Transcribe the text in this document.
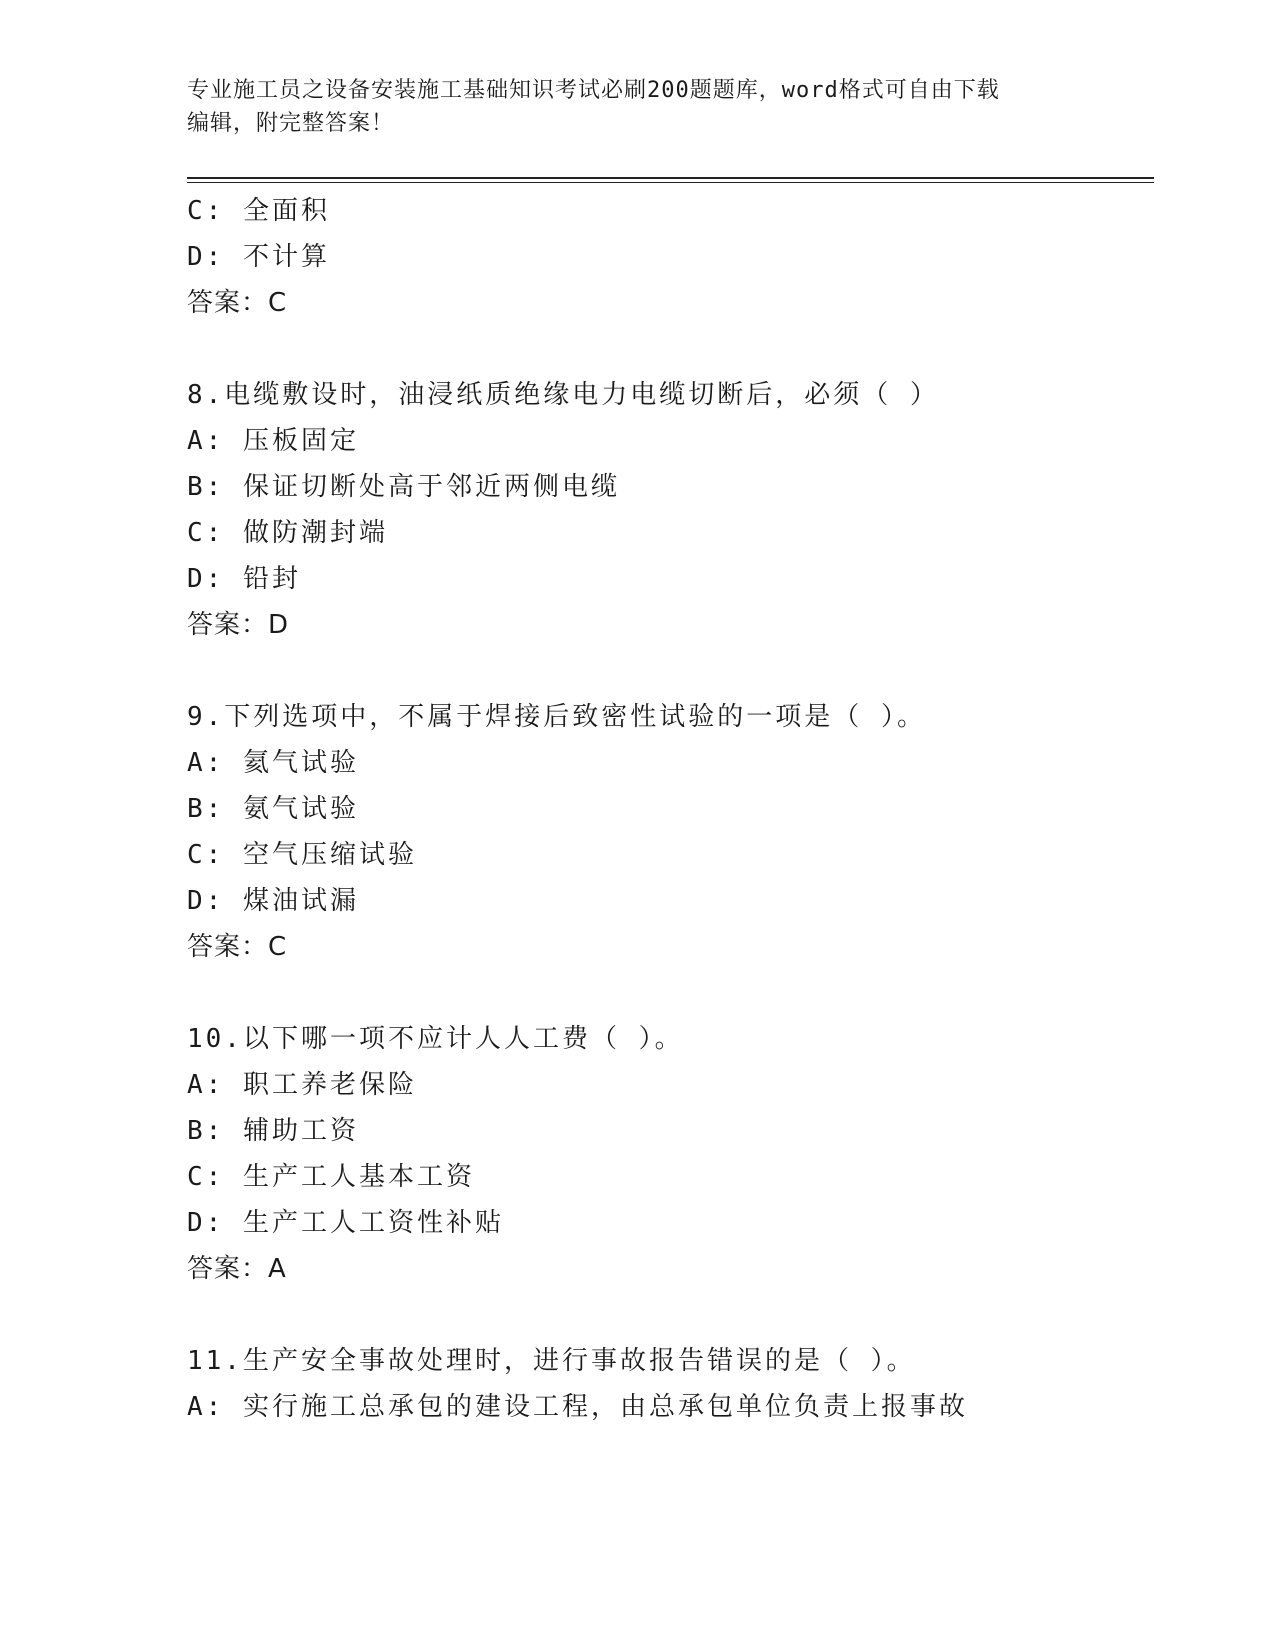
专业施工员之设备安装施工基础知识考试必刷200题题库，word格式可自由下载
编辑，附完整答案！
C: 全面积
D: 不计算
答案：C
8.电缆敷设时，油浸纸质绝缘电力电缆切断后，必须（ ）
A: 压板固定
B: 保证切断处高于邻近两侧电缆
C: 做防潮封端
D: 铅封
答案：D
9.下列选项中，不属于焊接后致密性试验的一项是（ ）。
A: 氦气试验
B: 氨气试验
C: 空气压缩试验
D: 煤油试漏
答案：C
10.以下哪一项不应计人人工费（ ）。
A: 职工养老保险
B: 辅助工资
C: 生产工人基本工资
D: 生产工人工资性补贴
答案：A
11.生产安全事故处理时，进行事故报告错误的是（ ）。
A: 实行施工总承包的建设工程，由总承包单位负责上报事故
